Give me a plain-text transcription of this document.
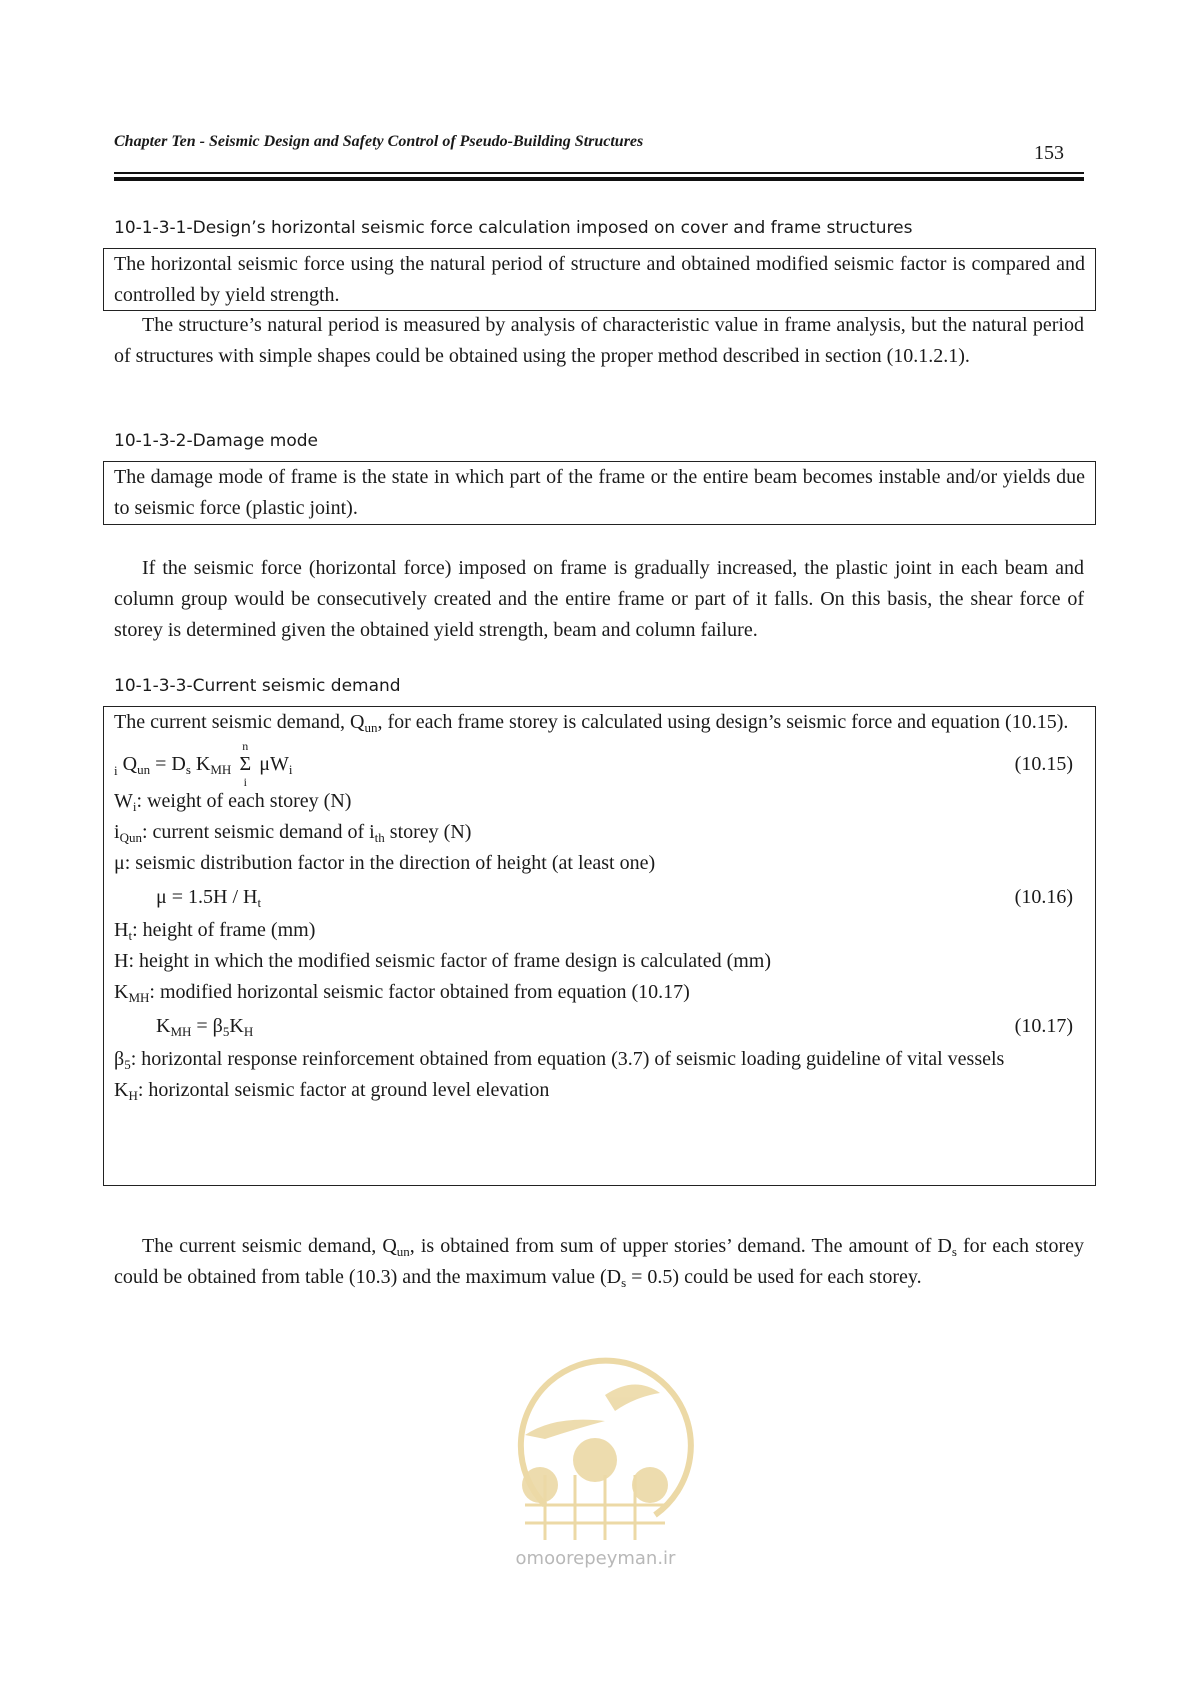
Chapter Ten - Seismic Design and Safety Control of Pseudo-Building Structures
153
10-1-3-1-Design’s horizontal seismic force calculation imposed on cover and frame structures
The horizontal seismic force using the natural period of structure and obtained modified seismic factor is compared and controlled by yield strength.
The structure’s natural period is measured by analysis of characteristic value in frame analysis, but the natural period of structures with simple shapes could be obtained using the proper method described in section (10.1.2.1).
10-1-3-2-Damage mode
The damage mode of frame is the state in which part of the frame or the entire beam becomes instable and/or yields due to seismic force (plastic joint).
If the seismic force (horizontal force) imposed on frame is gradually increased, the plastic joint in each beam and column group would be consecutively created and the entire frame or part of it falls. On this basis, the shear force of storey is determined given the obtained yield strength, beam and column failure.
10-1-3-3-Current seismic demand
The current seismic demand, $Q_{un}$, for each frame storey is calculated using design’s seismic force and equation (10.15).
$_i$ $Q_{un} = D_s$ $K_{MH}$ Σ
n
i
$\mu W_i$	(10.15)
$W_i$: weight of each storey (N)
$i_{Qun}$: current seismic demand of $i_{th}$ storey (N)
μ: seismic distribution factor in the direction of height (at least one)
$\mu = 1.5H / H_t$	(10.16)
$H_t$: height of frame (mm)
H: height in which the modified seismic factor of frame design is calculated (mm)
$K_{MH}$: modified horizontal seismic factor obtained from equation (10.17)
$K_{MH} = \beta_5K_H$	(10.17)
$\beta_5$: horizontal response reinforcement obtained from equation (3.7) of seismic loading guideline of vital vessels
$K_H$: horizontal seismic factor at ground level elevation
The current seismic demand, $Q_{un}$, is obtained from sum of upper stories’ demand. The amount of $D_s$ for each storey could be obtained from table (10.3) and the maximum value $(D_s = 0.5)$ could be used for each storey.
omoorepeyman.ir
